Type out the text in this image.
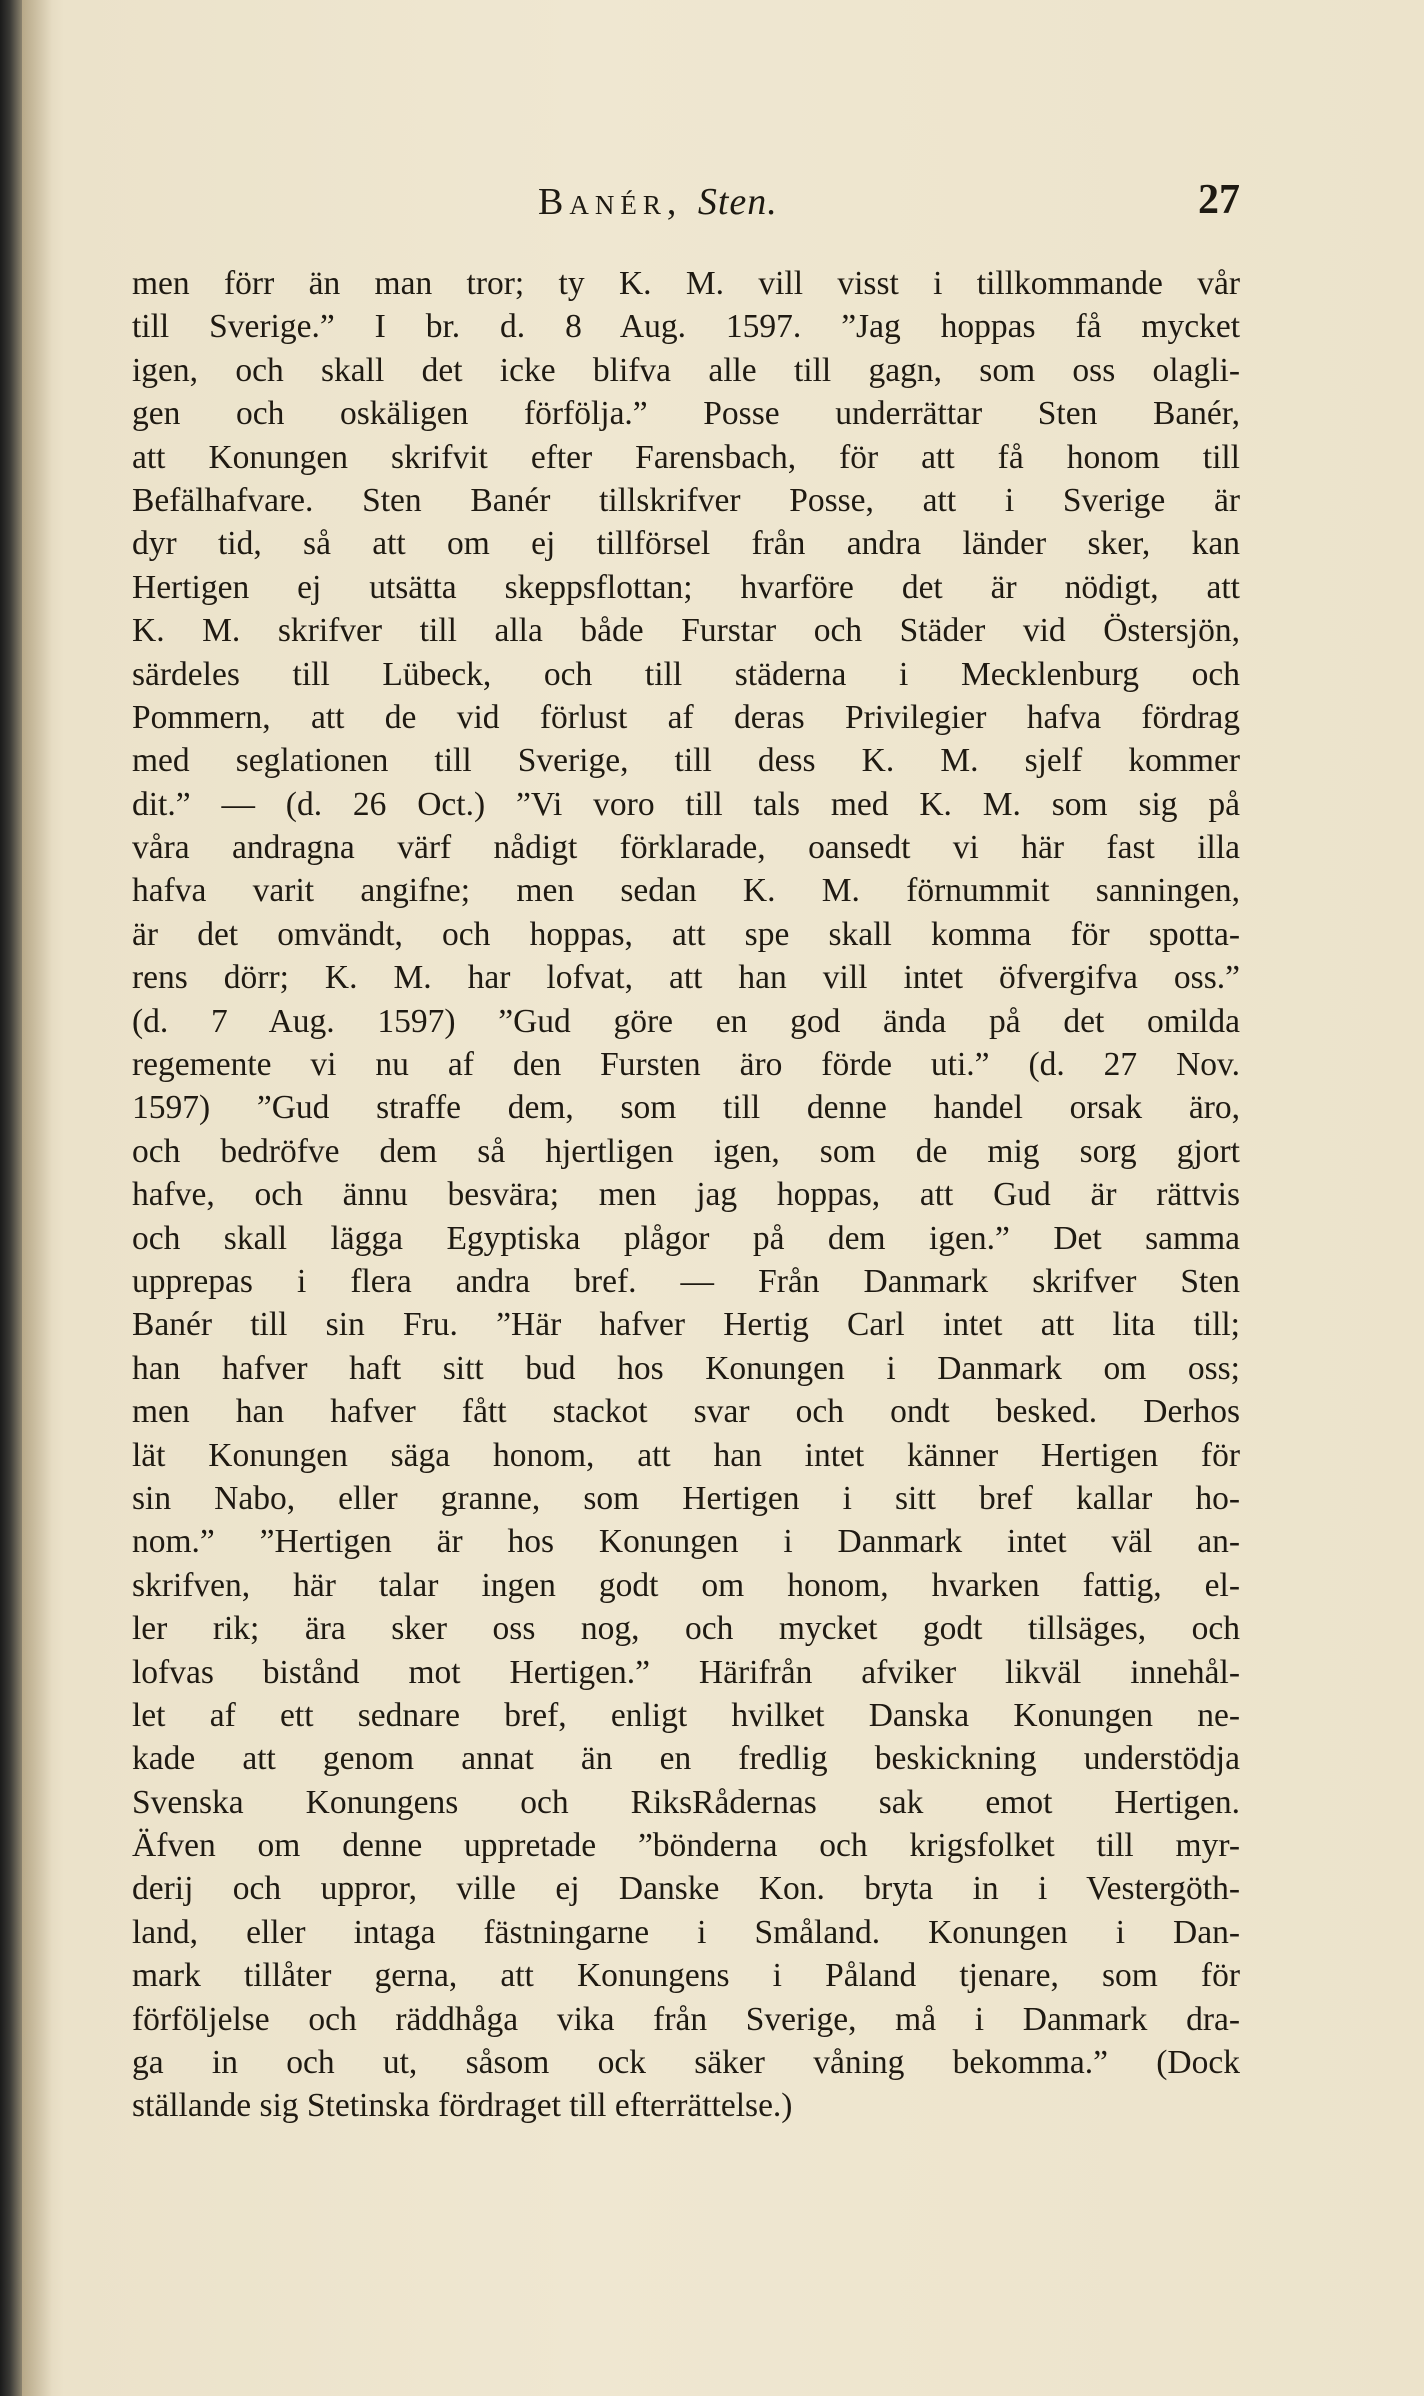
Banér, Sten.	27
men förr än man tror; ty K. M. vill visst i tillkommande vår
till Sverige.” I br. d. 8 Aug. 1597. ”Jag hoppas få mycket
igen, och skall det icke blifva alle till gagn, som oss olagli-
gen och oskäligen förfölja.” Posse underrättar Sten Banér,
att Konungen skrifvit efter Farensbach, för att få honom till
Befälhafvare. Sten Banér tillskrifver Posse, att i Sverige är
dyr tid, så att om ej tillförsel från andra länder sker, kan
Hertigen ej utsätta skeppsflottan; hvarföre det är nödigt, att
K. M. skrifver till alla både Furstar och Städer vid Östersjön,
särdeles till Lübeck, och till städerna i Mecklenburg och
Pommern, att de vid förlust af deras Privilegier hafva fördrag
med seglationen till Sverige, till dess K. M. sjelf kommer
dit.” — (d. 26 Oct.) ”Vi voro till tals med K. M. som sig på
våra andragna värf nådigt förklarade, oansedt vi här fast illa
hafva varit angifne; men sedan K. M. förnummit sanningen,
är det omvändt, och hoppas, att spe skall komma för spotta-
rens dörr; K. M. har lofvat, att han vill intet öfvergifva oss.”
(d. 7 Aug. 1597) ”Gud göre en god ända på det omilda
regemente vi nu af den Fursten äro förde uti.” (d. 27 Nov.
1597) ”Gud straffe dem, som till denne handel orsak äro,
och bedröfve dem så hjertligen igen, som de mig sorg gjort
hafve, och ännu besvära; men jag hoppas, att Gud är rättvis
och skall lägga Egyptiska plågor på dem igen.” Det samma
upprepas i flera andra bref. — Från Danmark skrifver Sten
Banér till sin Fru. ”Här hafver Hertig Carl intet att lita till;
han hafver haft sitt bud hos Konungen i Danmark om oss;
men han hafver fått stackot svar och ondt besked. Derhos
lät Konungen säga honom, att han intet känner Hertigen för
sin Nabo, eller granne, som Hertigen i sitt bref kallar ho-
nom.” ”Hertigen är hos Konungen i Danmark intet väl an-
skrifven, här talar ingen godt om honom, hvarken fattig, el-
ler rik; ära sker oss nog, och mycket godt tillsäges, och
lofvas bistånd mot Hertigen.” Härifrån afviker likväl innehål-
let af ett sednare bref, enligt hvilket Danska Konungen ne-
kade att genom annat än en fredlig beskickning understödja
Svenska Konungens och RiksRådernas sak emot Hertigen.
Äfven om denne uppretade ”bönderna och krigsfolket till myr-
derij och uppror, ville ej Danske Kon. bryta in i Vestergöth-
land, eller intaga fästningarne i Småland. Konungen i Dan-
mark tillåter gerna, att Konungens i Påland tjenare, som för
förföljelse och räddhåga vika från Sverige, må i Danmark dra-
ga in och ut, såsom ock säker våning bekomma.” (Dock
ställande sig Stetinska fördraget till efterrättelse.)
